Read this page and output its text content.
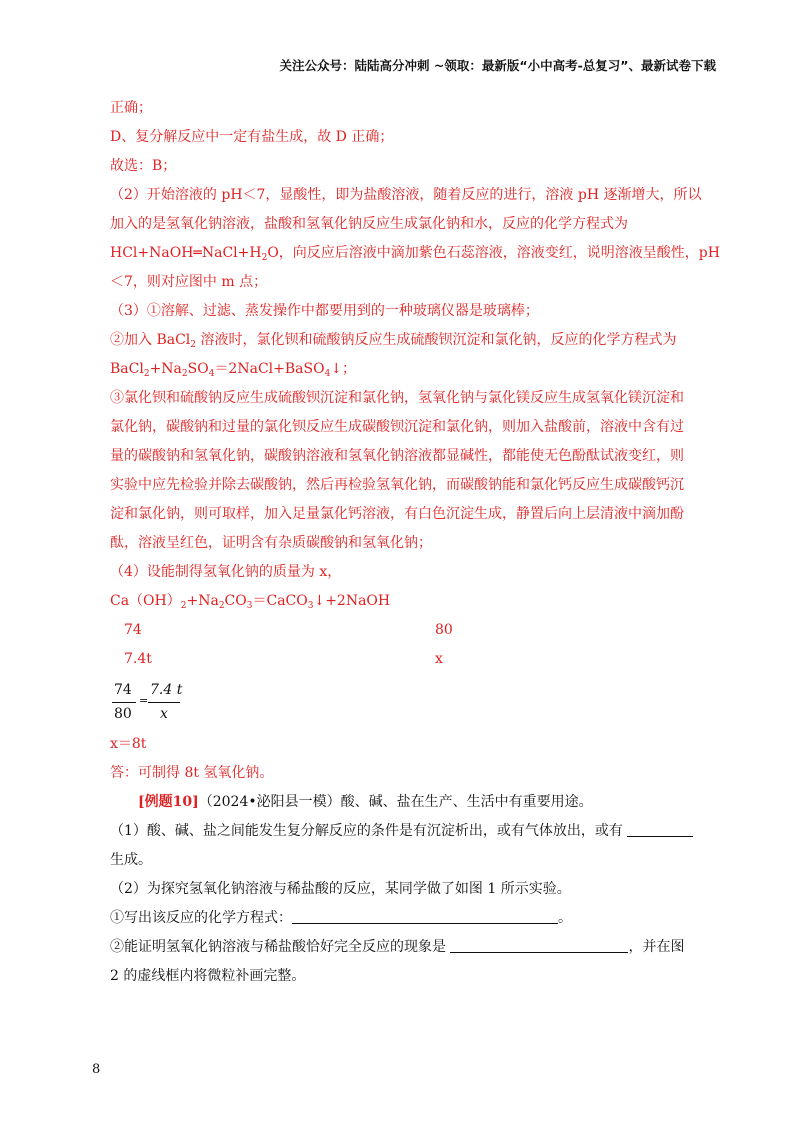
关注公众号：陆陆高分冲刺 ~领取：最新版“小中高考-总复习”、最新试卷下载
正确；
D、复分解反应中一定有盐生成，故 D 正确；
故选：B；
（2）开始溶液的 pH＜7，显酸性，即为盐酸溶液，随着反应的进行，溶液 pH 逐渐增大，所以
加入的是氢氧化钠溶液，盐酸和氢氧化钠反应生成氯化钠和水，反应的化学方程式为
$HCl+NaOH═NaCl+H_2O$，向反应后溶液中滴加紫色石蕊溶液，溶液变红，说明溶液呈酸性，pH
＜7，则对应图中 m 点；
（3）①溶解、过滤、蒸发操作中都要用到的一种玻璃仪器是玻璃棒；
②加入 BaCl$_2$ 溶液时，氯化钡和硫酸钠反应生成硫酸钡沉淀和氯化钠，反应的化学方程式为
$BaCl_2+Na_2SO_4=2NaCl+BaSO_4↓$；
③氯化钡和硫酸钠反应生成硫酸钡沉淀和氯化钠，氢氧化钠与氯化镁反应生成氢氧化镁沉淀和
氯化钠，碳酸钠和过量的氯化钡反应生成碳酸钡沉淀和氯化钠，则加入盐酸前，溶液中含有过
量的碳酸钠和氢氧化钠，碳酸钠溶液和氢氧化钠溶液都显碱性，都能使无色酚酞试液变红，则
实验中应先检验并除去碳酸钠，然后再检验氢氧化钠，而碳酸钠能和氯化钙反应生成碳酸钙沉
淀和氯化钠，则可取样，加入足量氯化钙溶液，有白色沉淀生成，静置后向上层清液中滴加酚
酞，溶液呈红色，证明含有杂质碳酸钠和氢氧化钠；
（4）设能制得氢氧化钠的质量为 x，
$Ca(OH)_2+Na_2CO_3=CaCO_3↓+2NaOH$
74	80
7.4t	x
74
80
=
7.4 t
x
x＝8t
答：可制得 8t 氢氧化钠。
[例题10]（2024•泌阳县一模）酸、碱、盐在生产、生活中有重要用途。
（1）酸、碱、盐之间能发生复分解反应的条件是有沉淀析出，或有气体放出，或有
生成。
（2）为探究氢氧化钠溶液与稀盐酸的反应，某同学做了如图 1 所示实验。
①写出该反应的化学方程式：	。
②能证明氢氧化钠溶液与稀盐酸恰好完全反应的现象是	，并在图
2 的虚线框内将微粒补画完整。
8
